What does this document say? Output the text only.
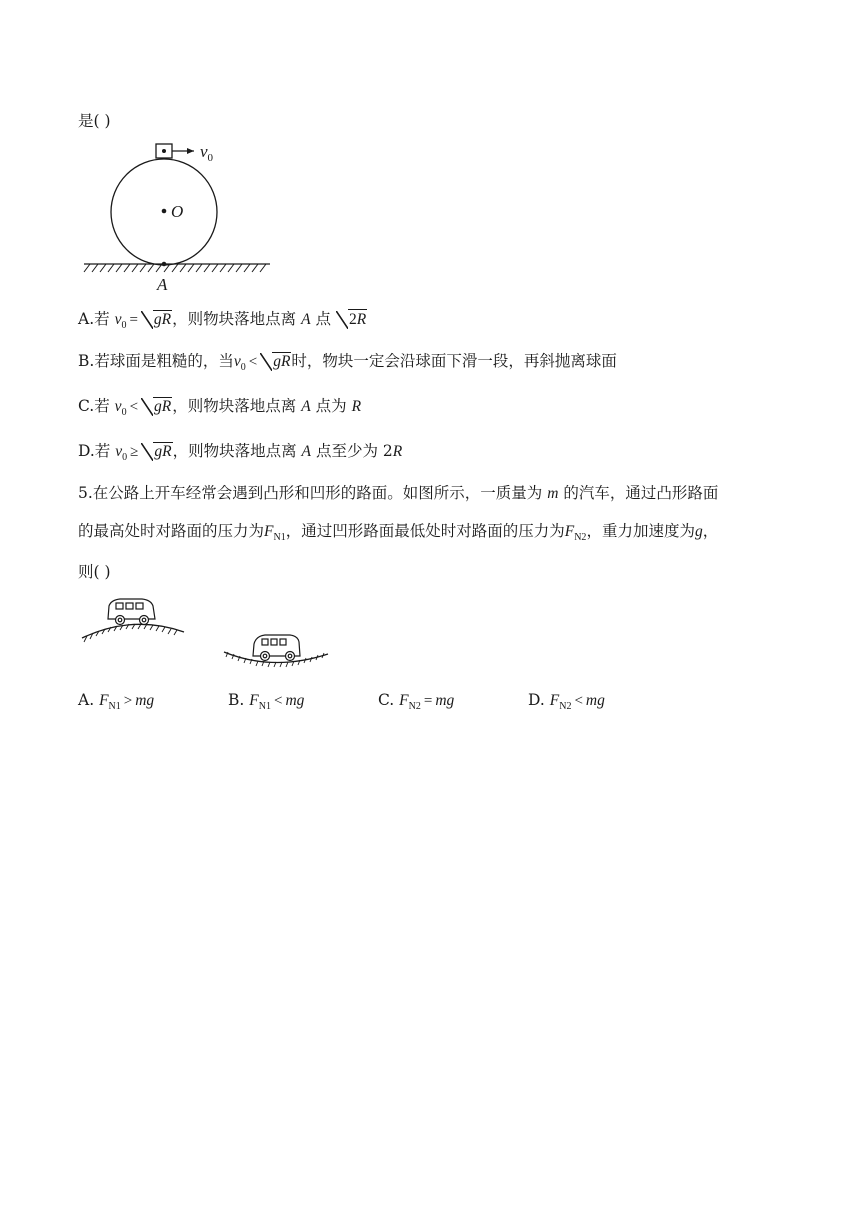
是( )
$v_0$
O
A
A.若 $v_0$ = gR，则物块落地点离 A 点 2R
B.若球面是粗糙的，当$v_0$ < gR时，物块一定会沿球面下滑一段，再斜抛离球面
C.若 $v_0$ < gR，则物块落地点离 A 点为 R
D.若 $v_0$ ≥ gR，则物块落地点离 A 点至少为 2R
5.在公路上开车经常会遇到凸形和凹形的路面。如图所示，一质量为 m 的汽车，通过凸形路面
的最高处时对路面的压力为$F_{N1}$，通过凹形路面最低处时对路面的压力为$F_{N2}$，重力加速度为g，
则( )
A. $F_{N1}$ > mg	B. $F_{N1}$ < mg	C. $F_{N2}$ = mg	D. $F_{N2}$ < mg
